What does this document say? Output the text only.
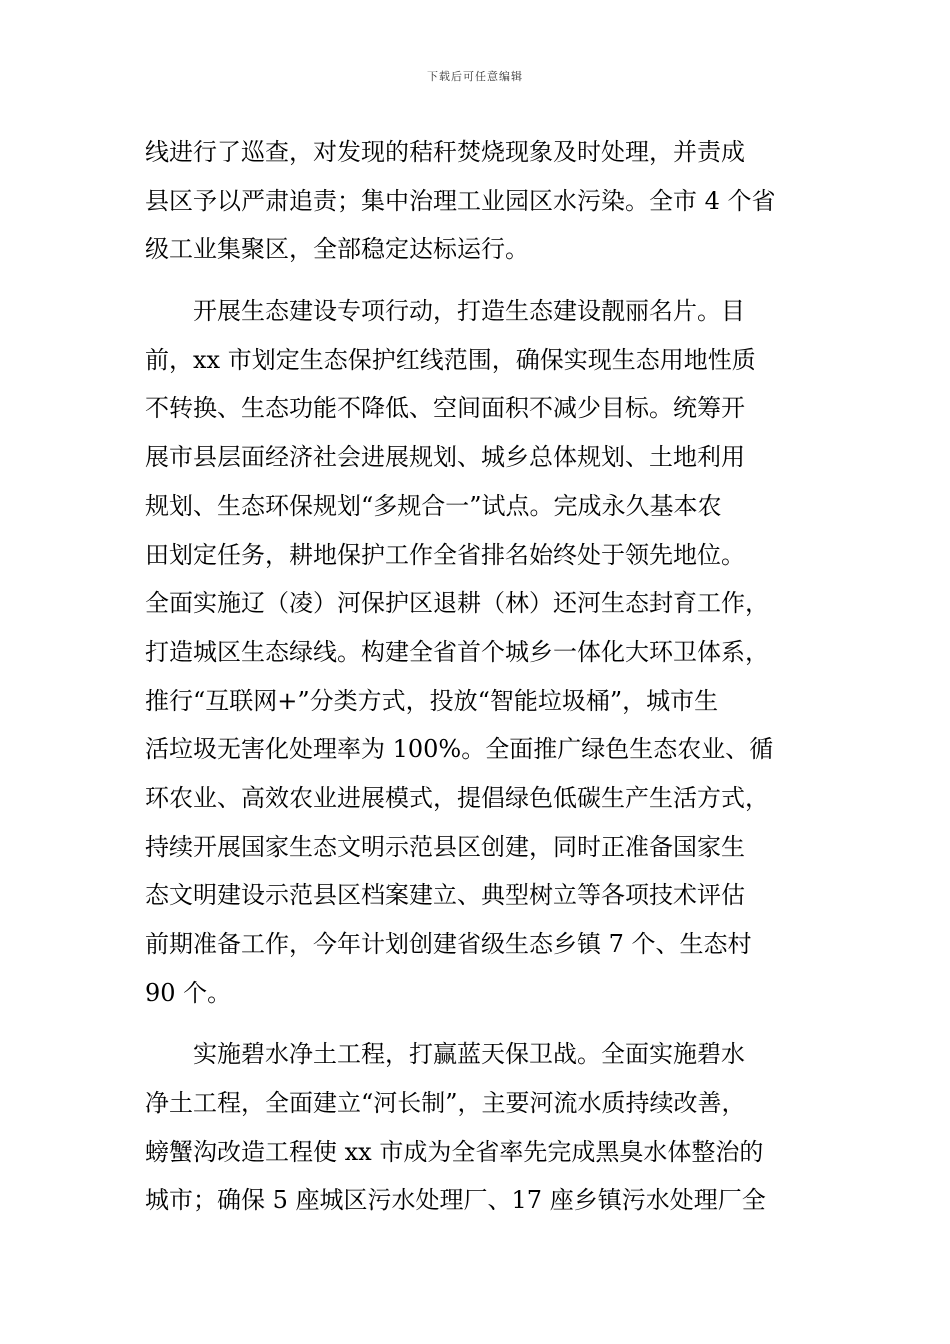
下载后可任意编辑
线进行了巡查，对发现的秸秆焚烧现象及时处理，并责成
县区予以严肃追责；集中治理工业园区水污染。全市 4 个省
级工业集聚区，全部稳定达标运行。
开展生态建设专项行动，打造生态建设靓丽名片。目
前，xx 市划定生态保护红线范围，确保实现生态用地性质
不转换、生态功能不降低、空间面积不减少目标。统筹开
展市县层面经济社会进展规划、城乡总体规划、土地利用
规划、生态环保规划“多规合一”试点。完成永久基本农
田划定任务，耕地保护工作全省排名始终处于领先地位。
全面实施辽（凌）河保护区退耕（林）还河生态封育工作，
打造城区生态绿线。构建全省首个城乡一体化大环卫体系，
推行“互联网+”分类方式，投放“智能垃圾桶”，城市生
活垃圾无害化处理率为 100%。全面推广绿色生态农业、循
环农业、高效农业进展模式，提倡绿色低碳生产生活方式，
持续开展国家生态文明示范县区创建，同时正准备国家生
态文明建设示范县区档案建立、典型树立等各项技术评估
前期准备工作，今年计划创建省级生态乡镇 7 个、生态村
90 个。
实施碧水净土工程，打赢蓝天保卫战。全面实施碧水
净土工程，全面建立“河长制”，主要河流水质持续改善，
螃蟹沟改造工程使 xx 市成为全省率先完成黑臭水体整治的
城市；确保 5 座城区污水处理厂、17 座乡镇污水处理厂全
